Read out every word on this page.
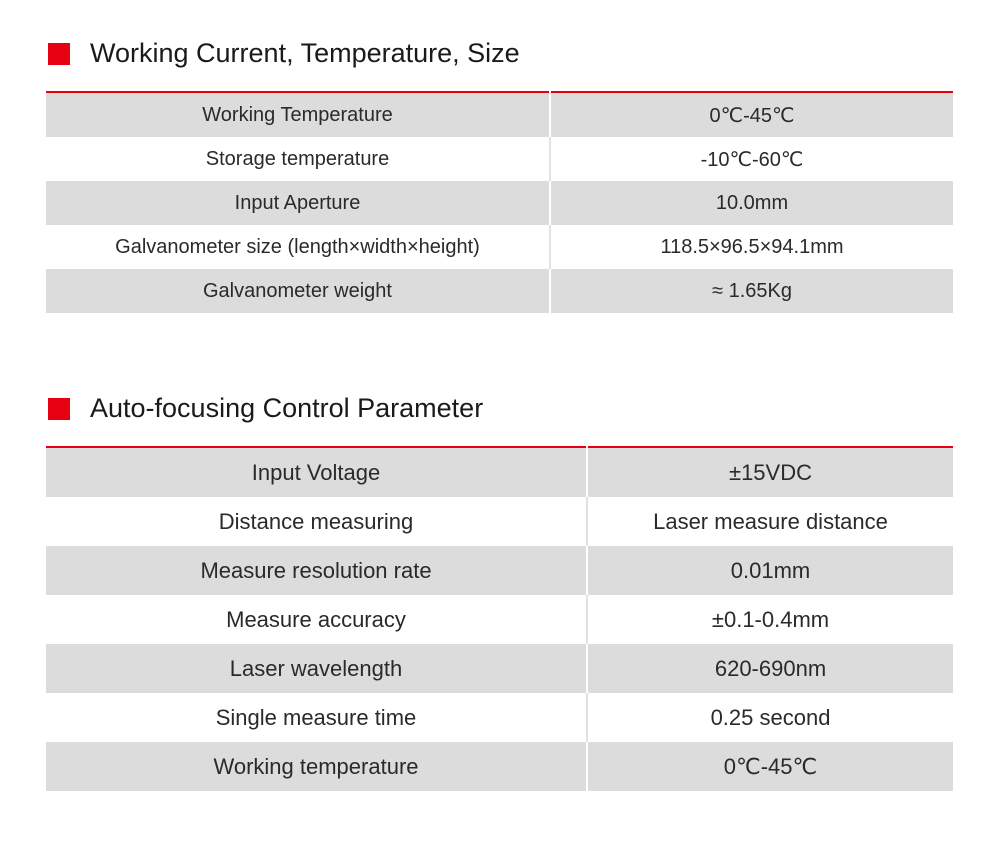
Working Current, Temperature, Size
Working Temperature	0℃-45℃
Storage temperature	-10℃-60℃
Input Aperture	10.0mm
Galvanometer size (length×width×height)	118.5×96.5×94.1mm
Galvanometer weight	≈ 1.65Kg
Auto-focusing Control Parameter
Input Voltage	±15VDC
Distance measuring	Laser measure distance
Measure resolution rate	0.01mm
Measure accuracy	±0.1-0.4mm
Laser wavelength	620-690nm
Single measure time	0.25 second
Working temperature	0℃-45℃
